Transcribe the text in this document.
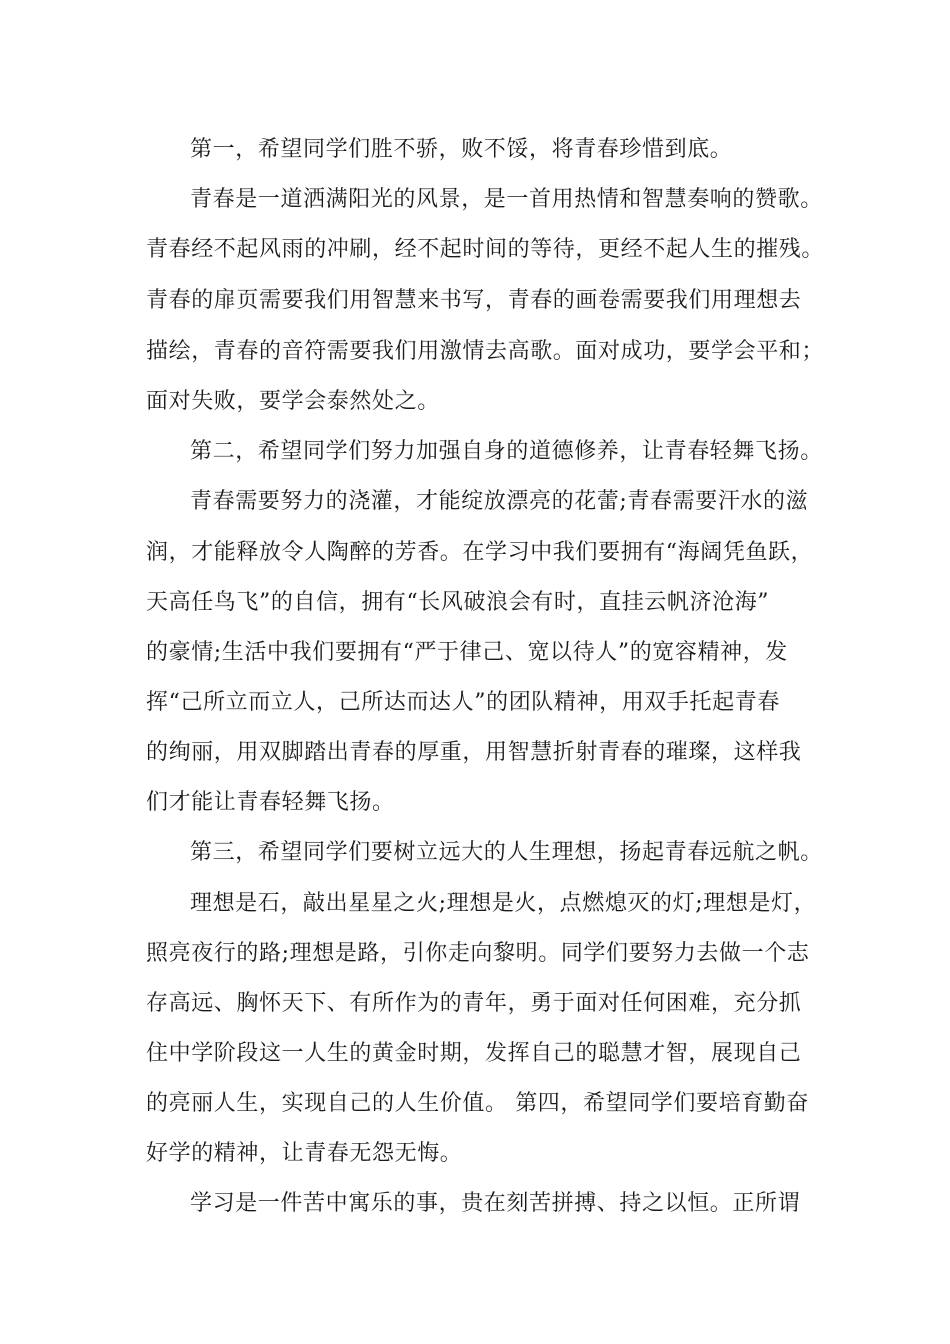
第一，希望同学们胜不骄，败不馁，将青春珍惜到底。

青春是一道洒满阳光的风景，是一首用热情和智慧奏响的赞歌。

青春经不起风雨的冲刷，经不起时间的等待，更经不起人生的摧残。

青春的扉页需要我们用智慧来书写，青春的画卷需要我们用理想去

描绘，青春的音符需要我们用激情去高歌。面对成功，要学会平和；

面对失败，要学会泰然处之。

第二，希望同学们努力加强自身的道德修养，让青春轻舞飞扬。

青春需要努力的浇灌，才能绽放漂亮的花蕾;青春需要汗水的滋

润，才能释放令人陶醉的芳香。在学习中我们要拥有“海阔凭鱼跃，

天高任鸟飞”的自信，拥有“长风破浪会有时，直挂云帆济沧海”

的豪情;生活中我们要拥有“严于律己、宽以待人”的宽容精神，发

挥“己所立而立人，己所达而达人”的团队精神，用双手托起青春

的绚丽，用双脚踏出青春的厚重，用智慧折射青春的璀璨，这样我

们才能让青春轻舞飞扬。

第三，希望同学们要树立远大的人生理想，扬起青春远航之帆。

理想是石，敲出星星之火;理想是火，点燃熄灭的灯;理想是灯，

照亮夜行的路;理想是路，引你走向黎明。同学们要努力去做一个志

存高远、胸怀天下、有所作为的青年，勇于面对任何困难，充分抓

住中学阶段这一人生的黄金时期，发挥自己的聪慧才智，展现自己

的亮丽人生，实现自己的人生价值。 第四，希望同学们要培育勤奋

好学的精神，让青春无怨无悔。

学习是一件苦中寓乐的事，贵在刻苦拼搏、持之以恒。正所谓
